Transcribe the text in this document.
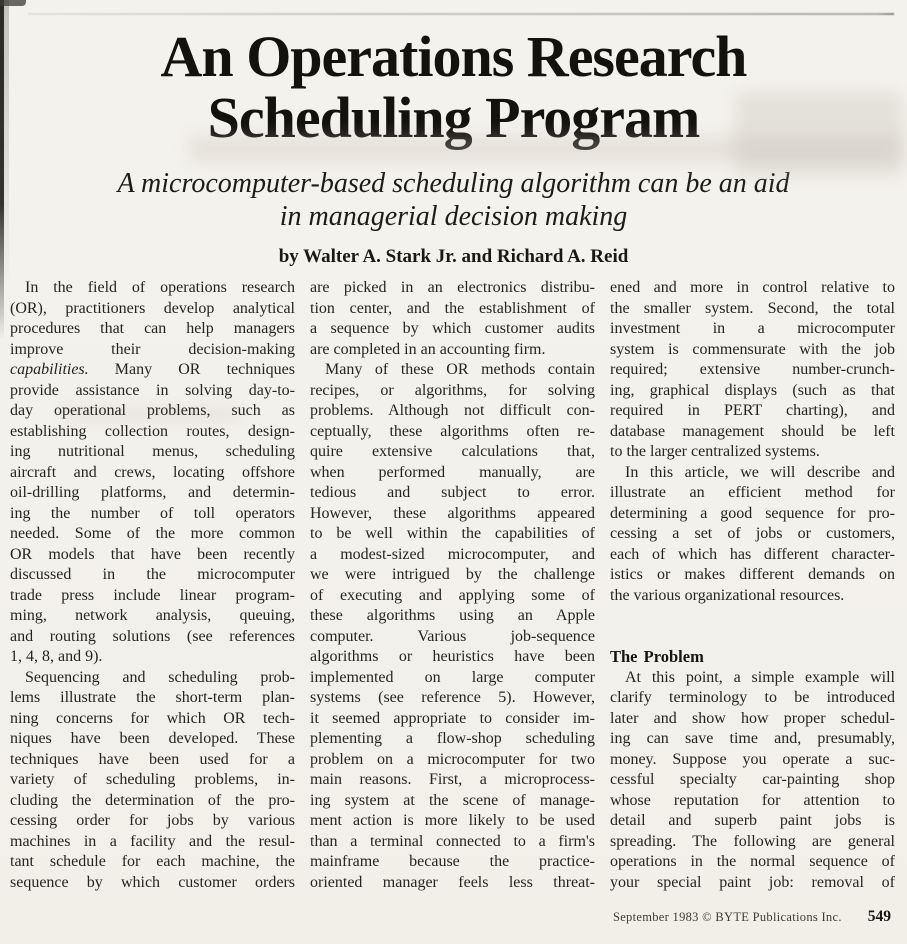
An Operations Research
Scheduling Program
A microcomputer-based scheduling algorithm can be an aid
in managerial decision making
by Walter A. Stark Jr. and Richard A. Reid
In the field of operations research
(OR), practitioners develop analytical
procedures that can help managers
improve their decision-making
capabilities. Many OR techniques
provide assistance in solving day-to-
day operational problems, such as
establishing collection routes, design-
ing nutritional menus, scheduling
aircraft and crews, locating offshore
oil-drilling platforms, and determin-
ing the number of toll operators
needed. Some of the more common
OR models that have been recently
discussed in the microcomputer
trade press include linear program-
ming, network analysis, queuing,
and routing solutions (see references
1, 4, 8, and 9).
Sequencing and scheduling prob-
lems illustrate the short-term plan-
ning concerns for which OR tech-
niques have been developed. These
techniques have been used for a
variety of scheduling problems, in-
cluding the determination of the pro-
cessing order for jobs by various
machines in a facility and the resul-
tant schedule for each machine, the
sequence by which customer orders
are picked in an electronics distribu-
tion center, and the establishment of
a sequence by which customer audits
are completed in an accounting firm.
Many of these OR methods contain
recipes, or algorithms, for solving
problems. Although not difficult con-
ceptually, these algorithms often re-
quire extensive calculations that,
when performed manually, are
tedious and subject to error.
However, these algorithms appeared
to be well within the capabilities of
a modest-sized microcomputer, and
we were intrigued by the challenge
of executing and applying some of
these algorithms using an Apple
computer. Various job-sequence
algorithms or heuristics have been
implemented on large computer
systems (see reference 5). However,
it seemed appropriate to consider im-
plementing a flow-shop scheduling
problem on a microcomputer for two
main reasons. First, a microprocess-
ing system at the scene of manage-
ment action is more likely to be used
than a terminal connected to a firm's
mainframe because the practice-
oriented manager feels less threat-
ened and more in control relative to
the smaller system. Second, the total
investment in a microcomputer
system is commensurate with the job
required; extensive number-crunch-
ing, graphical displays (such as that
required in PERT charting), and
database management should be left
to the larger centralized systems.
In this article, we will describe and
illustrate an efficient method for
determining a good sequence for pro-
cessing a set of jobs or customers,
each of which has different character-
istics or makes different demands on
the various organizational resources.
The Problem
At this point, a simple example will
clarify terminology to be introduced
later and show how proper schedul-
ing can save time and, presumably,
money. Suppose you operate a suc-
cessful specialty car-painting shop
whose reputation for attention to
detail and superb paint jobs is
spreading. The following are general
operations in the normal sequence of
your special paint job: removal of
September 1983 © BYTE Publications Inc. 549
